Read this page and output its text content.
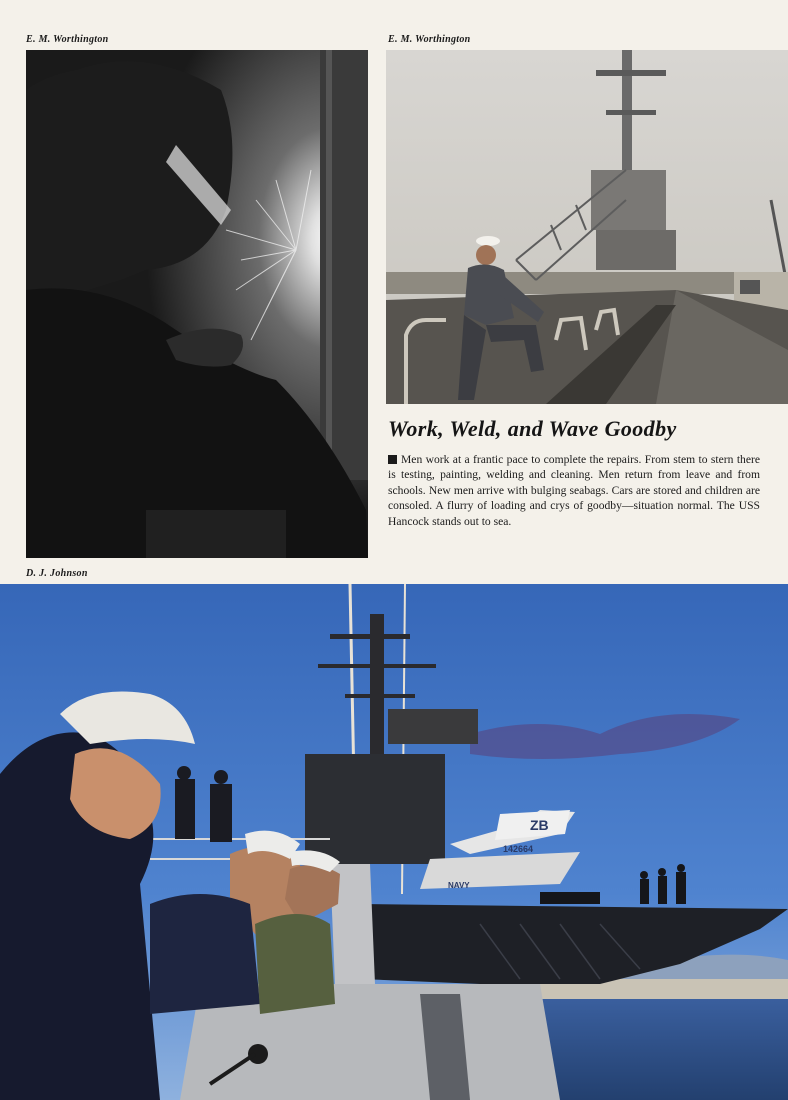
E. M. Worthington	E. M. Worthington
D. J. Johnson
Work, Weld, and Wave Goodby

Men work at a frantic pace to complete the repairs. From stem to stern there is testing, painting, welding and cleaning. Men return from leave and from schools. New men arrive with bulging seabags. Cars are stored and children are consoled. A flurry of loading and crys of goodby—situation normal. The USS Hancock stands out to sea.

ZB
142664
NAVY
